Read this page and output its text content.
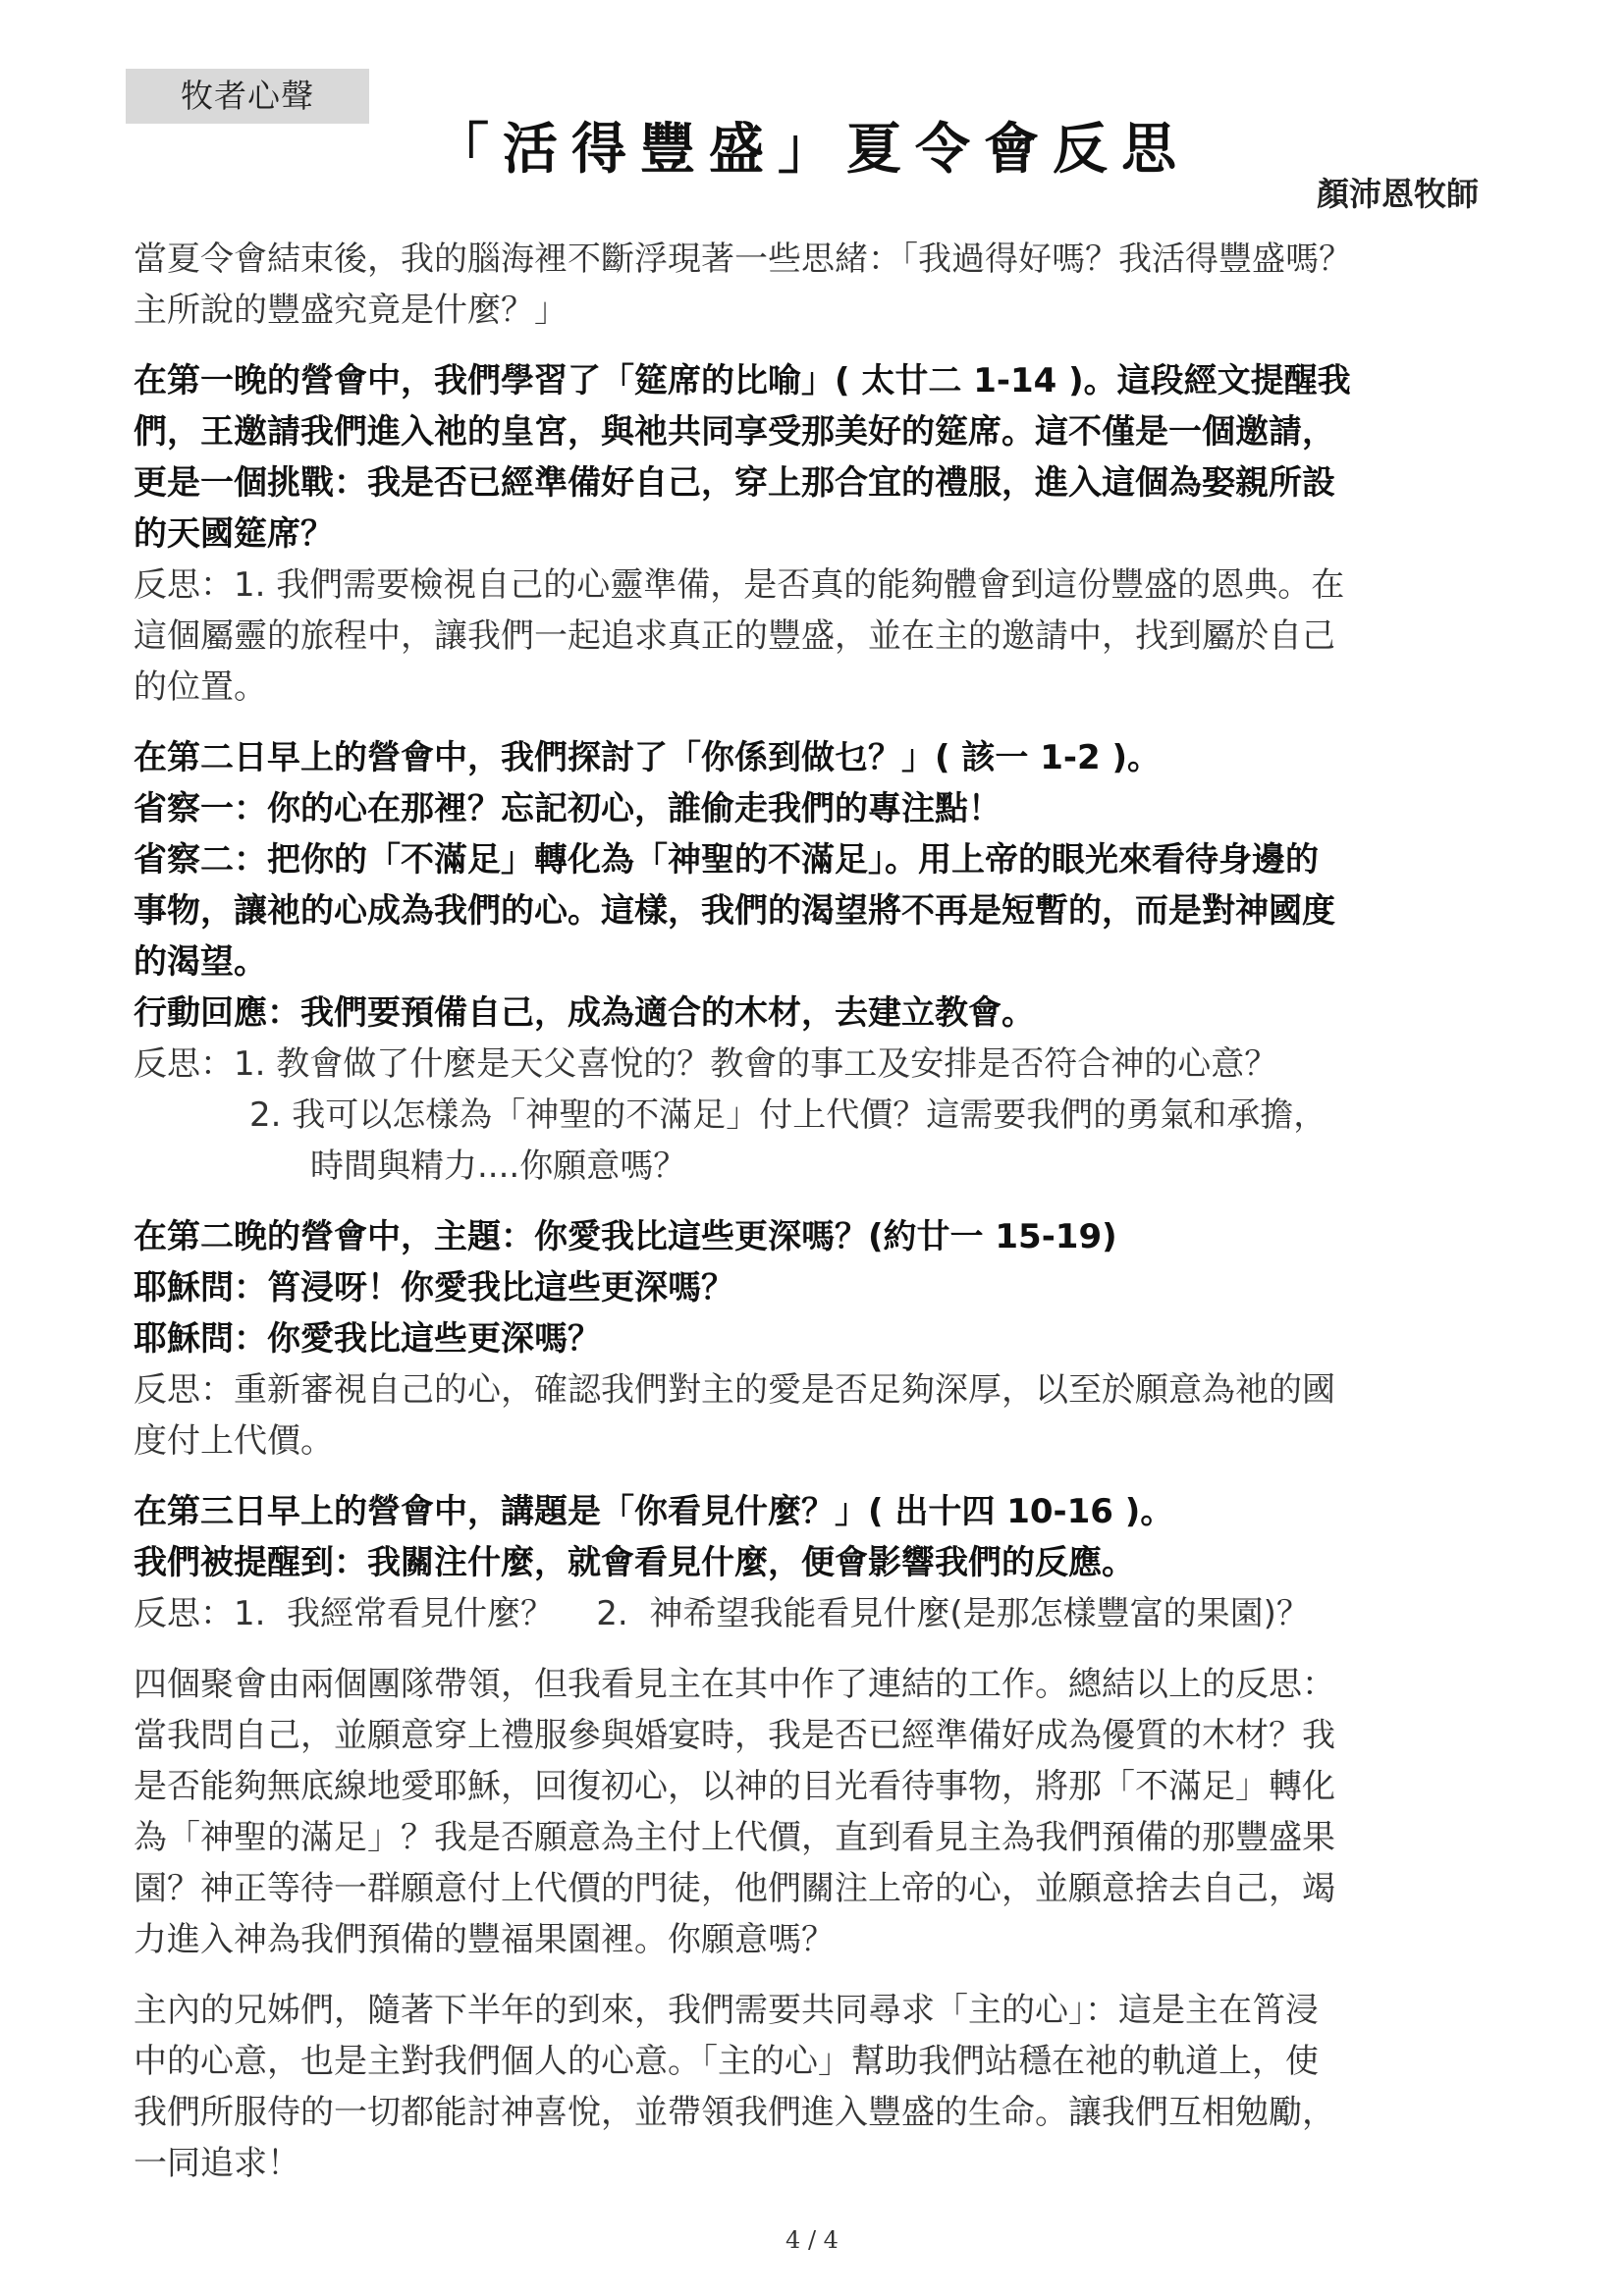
牧者心聲
「活得豐盛」夏令會反思
顏沛恩牧師

當夏令會結束後，我的腦海裡不斷浮現著一些思緒：「我過得好嗎？我活得豐盛嗎？

主所說的豐盛究竟是什麼？」

在第一晚的營會中，我們學習了「筵席的比喻」( 太廿二 1-14 )。這段經文提醒我

們，王邀請我們進入祂的皇宮，與祂共同享受那美好的筵席。這不僅是一個邀請，

更是一個挑戰：我是否已經準備好自己，穿上那合宜的禮服，進入這個為娶親所設

的天國筵席？

反思：1. 我們需要檢視自己的心靈準備，是否真的能夠體會到這份豐盛的恩典。在

這個屬靈的旅程中，讓我們一起追求真正的豐盛，並在主的邀請中，找到屬於自己

的位置。

在第二日早上的營會中，我們探討了「你係到做乜？」( 該一 1-2 )。

省察一：你的心在那裡？忘記初心，誰偷走我們的專注點！

省察二：把你的「不滿足」轉化為「神聖的不滿足」。用上帝的眼光來看待身邊的

事物，讓祂的心成為我們的心。這樣，我們的渴望將不再是短暫的，而是對神國度

的渴望。

行動回應：我們要預備自己，成為適合的木材，去建立教會。

反思：1. 教會做了什麼是天父喜悅的？教會的事工及安排是否符合神的心意？

2. 我可以怎樣為「神聖的不滿足」付上代價？這需要我們的勇氣和承擔，

時間與精力....你願意嗎？

在第二晚的營會中，主題：你愛我比這些更深嗎？(約廿一 15-19)

耶穌問：筲浸呀！你愛我比這些更深嗎？

耶穌問：你愛我比這些更深嗎？

反思：重新審視自己的心，確認我們對主的愛是否足夠深厚，以至於願意為祂的國

度付上代價。

在第三日早上的營會中，講題是「你看見什麼？」( 出十四 10-16 )。

我們被提醒到：我關注什麼，就會看見什麼，便會影響我們的反應。

反思：1.  我經常看見什麼？    2.  神希望我能看見什麼(是那怎樣豐富的果園)？

四個聚會由兩個團隊帶領，但我看見主在其中作了連結的工作。總結以上的反思：

當我問自己，並願意穿上禮服參與婚宴時，我是否已經準備好成為優質的木材？我

是否能夠無底線地愛耶穌，回復初心，以神的目光看待事物，將那「不滿足」轉化

為「神聖的滿足」？我是否願意為主付上代價，直到看見主為我們預備的那豐盛果

園？神正等待一群願意付上代價的門徒，他們關注上帝的心，並願意捨去自己，竭

力進入神為我們預備的豐福果園裡。你願意嗎？

主內的兄姊們，隨著下半年的到來，我們需要共同尋求「主的心」：這是主在筲浸

中的心意，也是主對我們個人的心意。「主的心」幫助我們站穩在祂的軌道上，使

我們所服侍的一切都能討神喜悅，並帶領我們進入豐盛的生命。讓我們互相勉勵，

一同追求！

4 / 4
